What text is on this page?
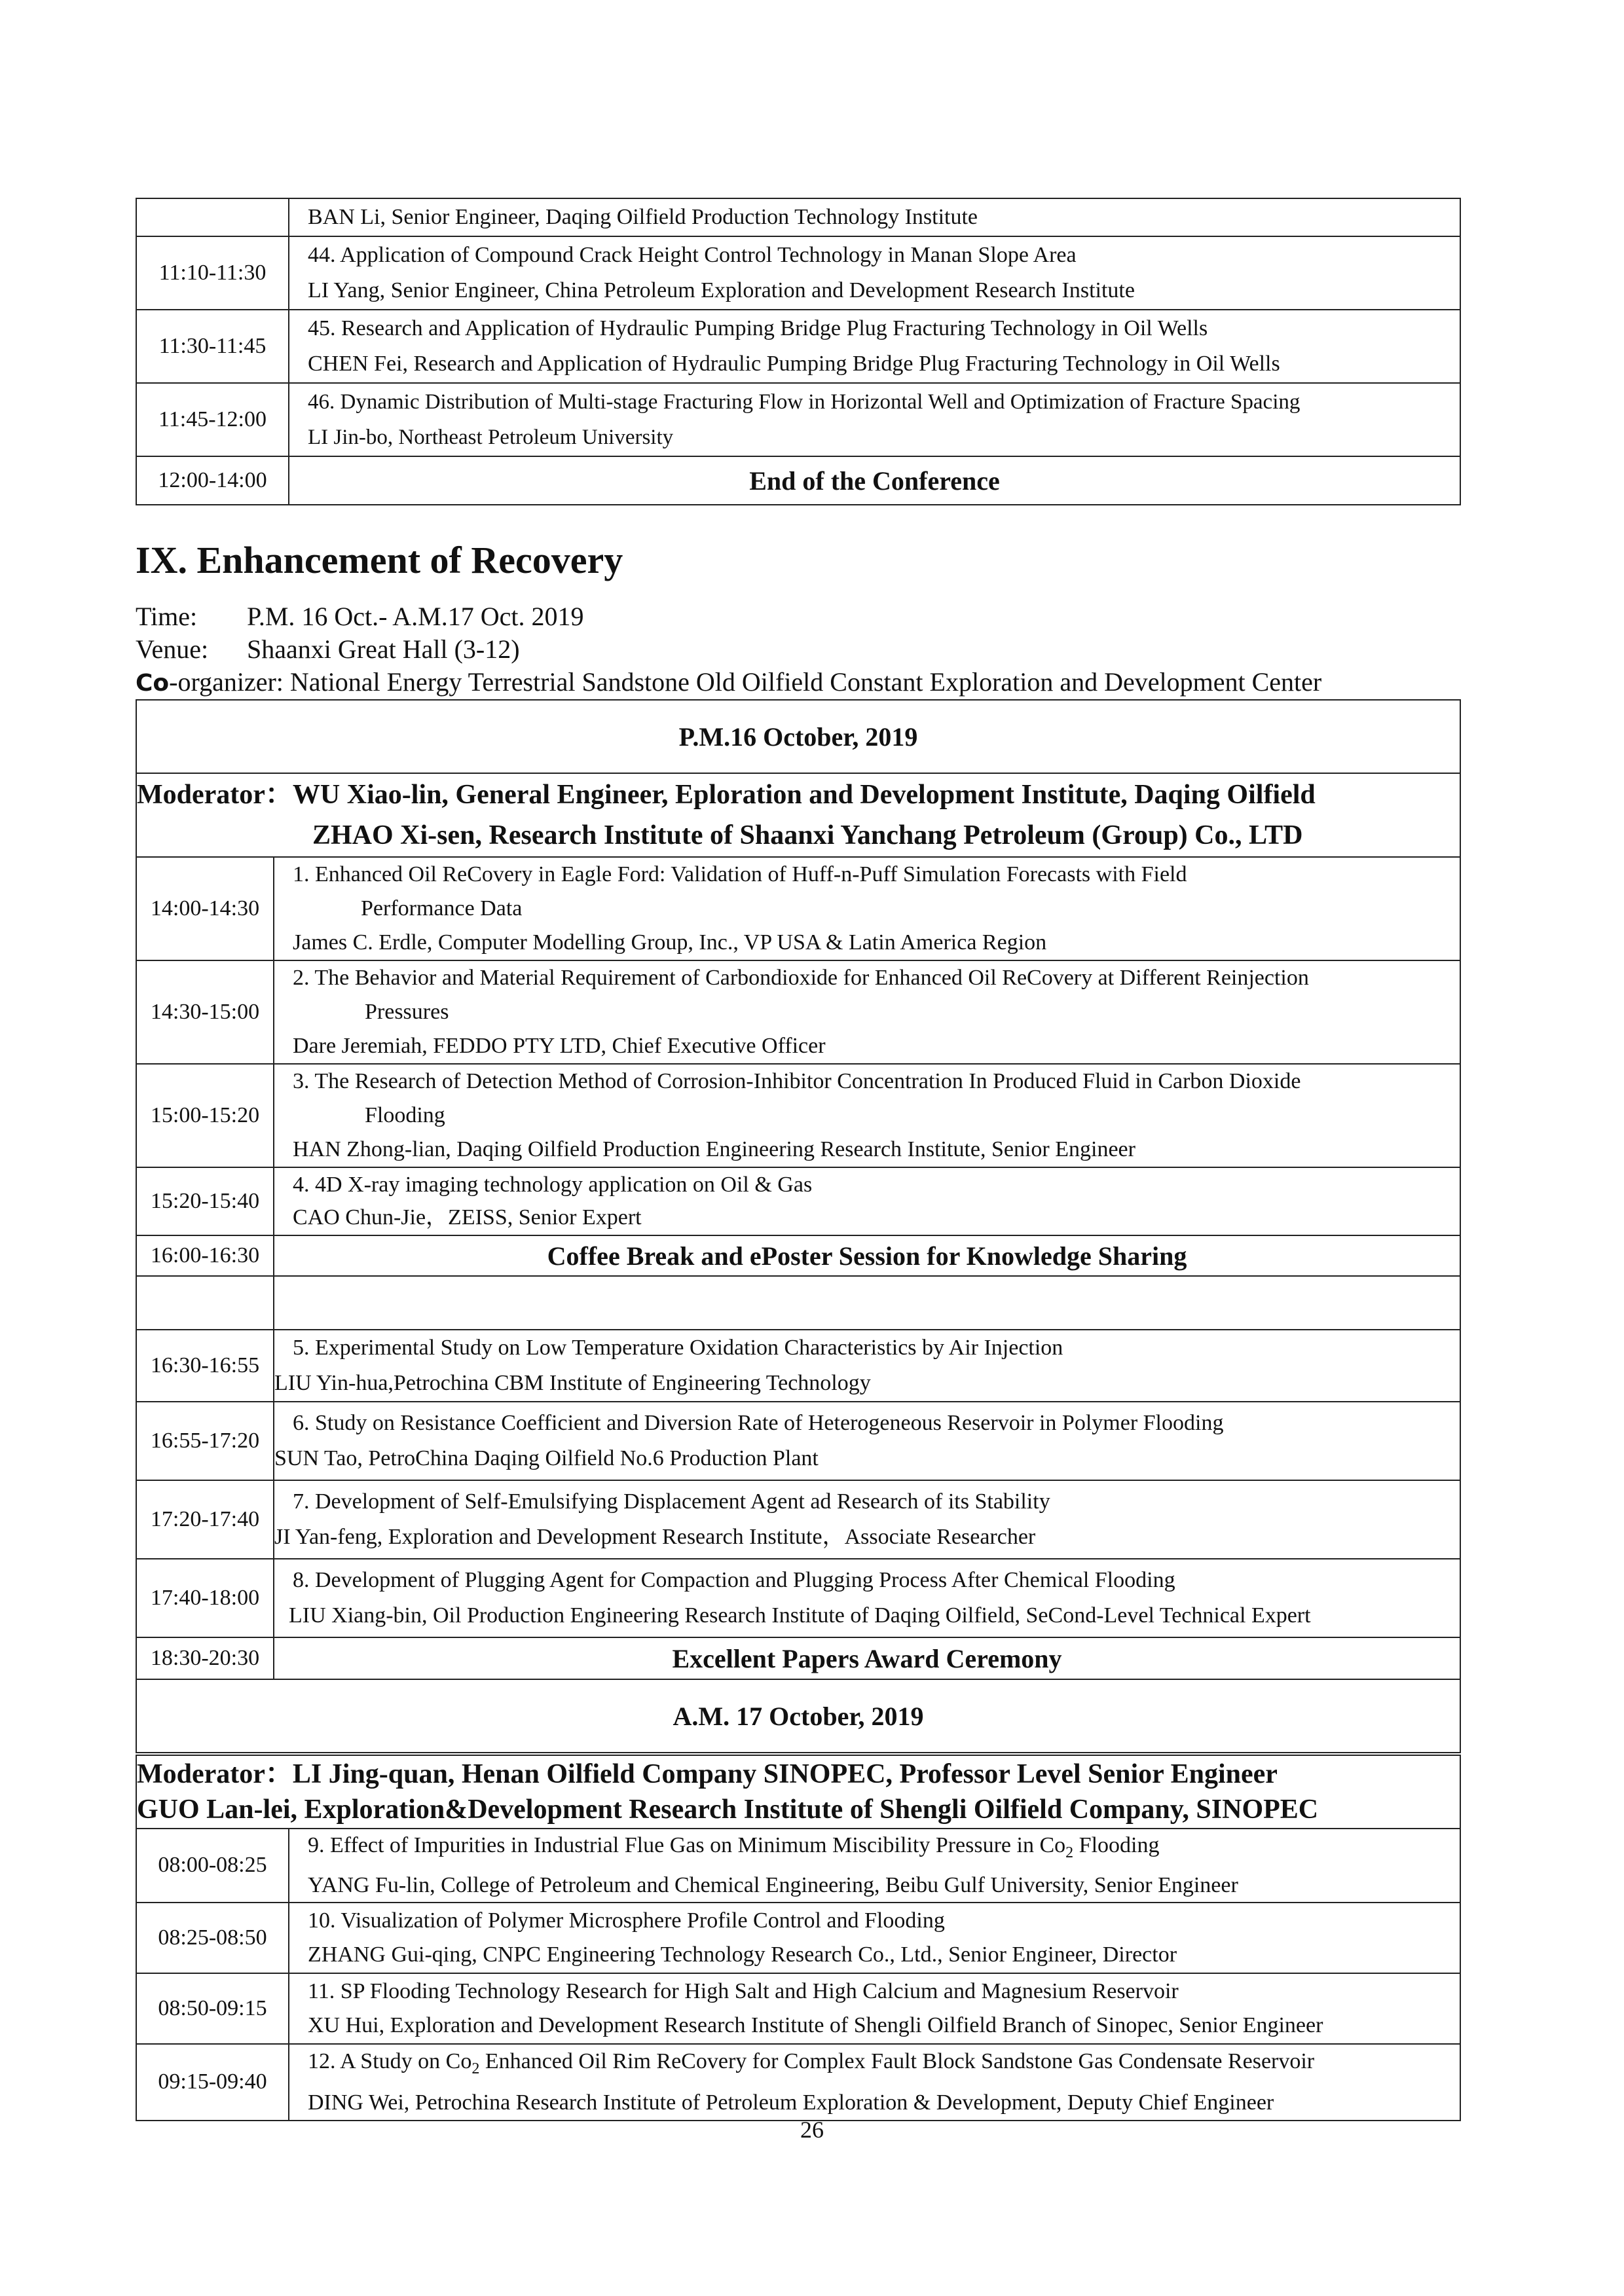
	BAN Li, Senior Engineer, Daqing Oilfield Production Technology Institute

11:10-11:30	44. Application of Compound Crack Height Control Technology in Manan Slope Area
LI Yang, Senior Engineer, China Petroleum Exploration and Development Research Institute

11:30-11:45	45. Research and Application of Hydraulic Pumping Bridge Plug Fracturing Technology in Oil Wells
CHEN Fei, Research and Application of Hydraulic Pumping Bridge Plug Fracturing Technology in Oil Wells

11:45-12:00	46. Dynamic Distribution of Multi-stage Fracturing Flow in Horizontal Well and Optimization of Fracture Spacing
LI Jin-bo, Northeast Petroleum University

12:00-14:00	End of the Conference
IX. Enhancement of Recovery
Time: P.M. 16 Oct.- A.M.17 Oct. 2019
Venue: Shaanxi Great Hall (3-12)
Co-organizer: National Energy Terrestrial Sandstone Old Oilfield Constant Exploration and Development Center
P.M.16 October, 2019	

Moderator：WU Xiao-lin, General Engineer, Eploration and Development Institute, Daqing Oilfield
ZHAO Xi-sen, Research Institute of Shaanxi Yanchang Petroleum (Group) Co., LTD	

14:00-14:30	1. Enhanced Oil ReCovery in Eagle Ford: Validation of Huff-n-Puff Simulation Forecasts with Field
Performance Data
James C. Erdle, Computer Modelling Group, Inc., VP USA & Latin America Region

14:30-15:00	2. The Behavior and Material Requirement of Carbondioxide for Enhanced Oil ReCovery at Different Reinjection
Pressures
Dare Jeremiah, FEDDO PTY LTD, Chief Executive Officer

15:00-15:20	3. The Research of Detection Method of Corrosion-Inhibitor Concentration In Produced Fluid in Carbon Dioxide
Flooding
HAN Zhong-lian, Daqing Oilfield Production Engineering Research Institute, Senior Engineer

15:20-15:40	4. 4D X-ray imaging technology application on Oil & Gas
CAO Chun-Jie，ZEISS, Senior Expert

16:00-16:30	Coffee Break and ePoster Session for Knowledge Sharing

16:30-16:55	5. Experimental Study on Low Temperature Oxidation Characteristics by Air Injection
LIU Yin-hua,Petrochina CBM Institute of Engineering Technology

16:55-17:20	6. Study on Resistance Coefficient and Diversion Rate of Heterogeneous Reservoir in Polymer Flooding
SUN Tao, PetroChina Daqing Oilfield No.6 Production Plant

17:20-17:40	7. Development of Self-Emulsifying Displacement Agent ad Research of its Stability
JI Yan-feng, Exploration and Development Research Institute，Associate Researcher

17:40-18:00	8. Development of Plugging Agent for Compaction and Plugging Process After Chemical Flooding
LIU Xiang-bin, Oil Production Engineering Research Institute of Daqing Oilfield, SeCond-Level Technical Expert

18:30-20:30	Excellent Papers Award Ceremony
A.M. 17 October, 2019	
Moderator：LI Jing-quan, Henan Oilfield Company SINOPEC, Professor Level Senior Engineer
GUO Lan-lei, Exploration&Development Research Institute of Shengli Oilfield Company, SINOPEC	

08:00-08:25	9. Effect of Impurities in Industrial Flue Gas on Minimum Miscibility Pressure in $Co_2$ Flooding
YANG Fu-lin, College of Petroleum and Chemical Engineering, Beibu Gulf University, Senior Engineer

08:25-08:50	10. Visualization of Polymer Microsphere Profile Control and Flooding
ZHANG Gui-qing, CNPC Engineering Technology Research Co., Ltd., Senior Engineer, Director

08:50-09:15	11. SP Flooding Technology Research for High Salt and High Calcium and Magnesium Reservoir
XU Hui, Exploration and Development Research Institute of Shengli Oilfield Branch of Sinopec, Senior Engineer

09:15-09:40	12. A Study on $Co_2$ Enhanced Oil Rim ReCovery for Complex Fault Block Sandstone Gas Condensate Reservoir
DING Wei, Petrochina Research Institute of Petroleum Exploration & Development, Deputy Chief Engineer
26
